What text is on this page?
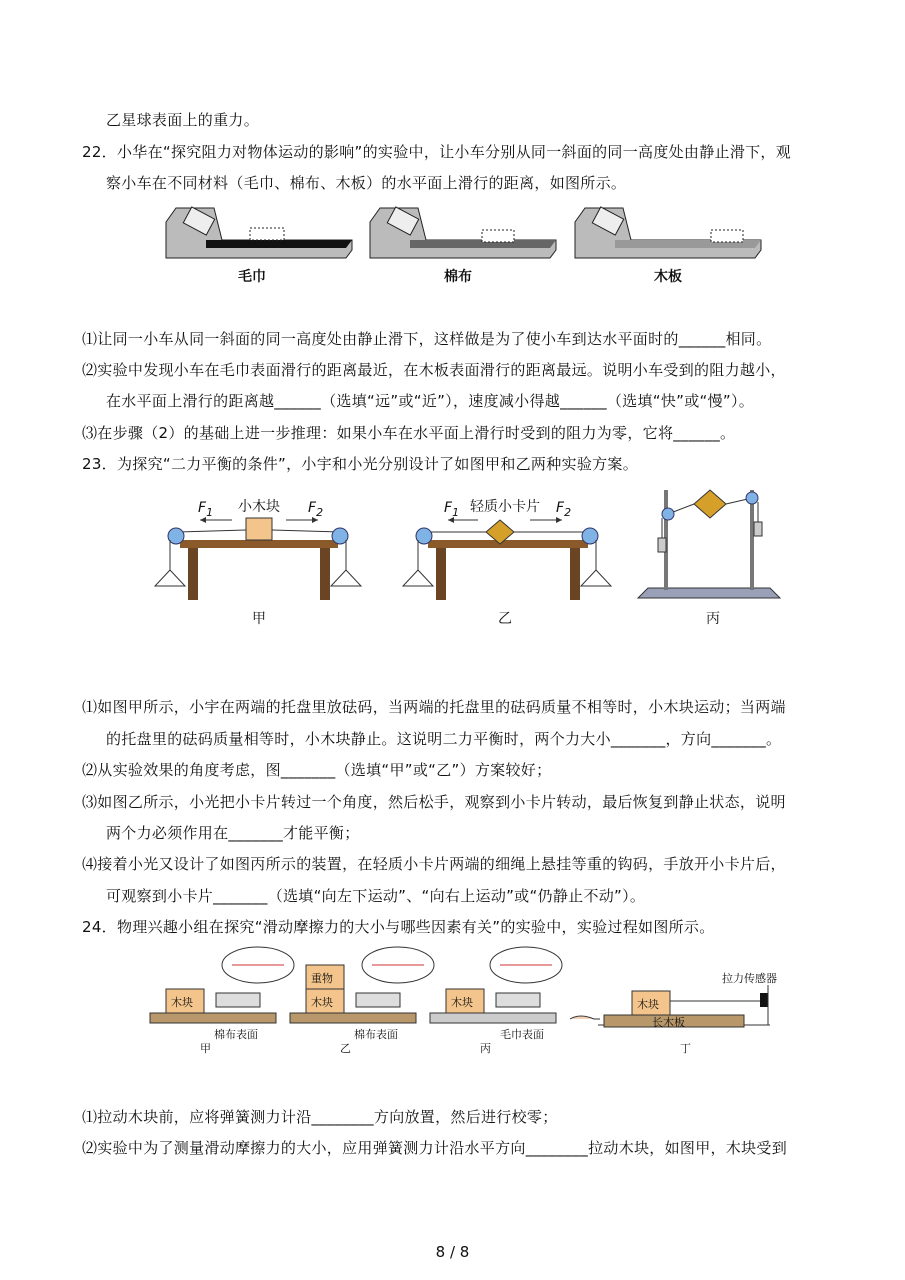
乙星球表面上的重力。
22．小华在“探究阻力对物体运动的影响”的实验中，让小车分别从同一斜面的同一高度处由静止滑下，观
察小车在不同材料（毛巾、棉布、木板）的水平面上滑行的距离，如图所示。
毛巾	棉布	木板
⑴让同一小车从同一斜面的同一高度处由静止滑下，这样做是为了使小车到达水平面时的______相同。
⑵实验中发现小车在毛巾表面滑行的距离最近，在木板表面滑行的距离最远。说明小车受到的阻力越小，
在水平面上滑行的距离越______（选填“远”或“近”），速度减小得越______（选填“快”或“慢”）。
⑶在步骤（2）的基础上进一步推理：如果小车在水平面上滑行时受到的阻力为零，它将______。
23．为探究“二力平衡的条件”，小宇和小光分别设计了如图甲和乙两种实验方案。
小木块	轻质小卡片
$F_1$	$F_2$	$F_1$	$F_2$
甲	乙	丙
⑴如图甲所示，小宇在两端的托盘里放砝码，当两端的托盘里的砝码质量不相等时，小木块运动；当两端
的托盘里的砝码质量相等时，小木块静止。这说明二力平衡时，两个力大小_______，方向_______。
⑵从实验效果的角度考虑，图_______（选填“甲”或“乙”）方案较好；
⑶如图乙所示，小光把小卡片转过一个角度，然后松手，观察到小卡片转动，最后恢复到静止状态，说明
两个力必须作用在_______才能平衡；
⑷接着小光又设计了如图丙所示的装置，在轻质小卡片两端的细绳上悬挂等重的钩码，手放开小卡片后，
可观察到小卡片_______（选填“向左下运动”、“向右上运动”或“仍静止不动”）。
24．物理兴趣小组在探究“滑动摩擦力的大小与哪些因素有关”的实验中，实验过程如图所示。
木块
重物
木块	木块	木块
长木板
拉力传感器
棉布表面	棉布表面	毛巾表面
甲	乙	丙	丁
⑴拉动木块前，应将弹簧测力计沿________方向放置，然后进行校零；
⑵实验中为了测量滑动摩擦力的大小，应用弹簧测力计沿水平方向________拉动木块，如图甲，木块受到
8 / 8
